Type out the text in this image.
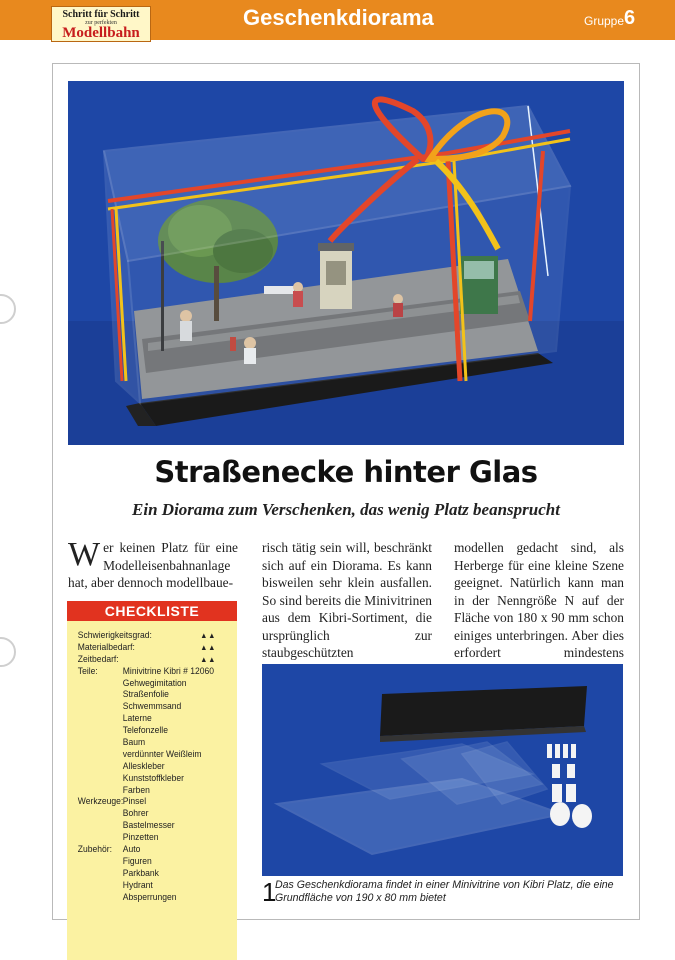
Schritt für Schritt
zur perfekten
Modellbahn
Geschenkdiorama	Gruppe 6
Straßenecke hinter Glas
Ein Diorama zum Verschenken, das wenig Platz beansprucht
Wer keinen Platz für eine Modelleisenbahnanlage hat, aber dennoch modellbaue-
risch tätig sein will, beschränkt sich auf ein Diorama. Es kann bisweilen sehr klein ausfallen. So sind bereits die Minivitrinen aus dem Kibri-Sortiment, die ursprünglich zur staubgeschützten
modellen gedacht sind, als Herberge für eine kleine Szene geeignet. Natürlich kann man in der Nenngröße N auf der Fläche von 180 x 90 mm schon einiges unterbringen. Aber dies erfordert mindestens
CHECKLISTE
Schwierigkeitsgrad:	▲▲
Materialbedarf:	▲▲
Zeitbedarf:	▲▲
Teile:	Minivitrine Kibri # 12060
Gehwegimitation
Straßenfolie
Schwemmsand
Laterne
Telefonzelle
Baum
verdünnter Weißleim
Alleskleber
Kunststoffkleber
Farben
Werkzeuge: Pinsel
Bohrer
Bastelmesser
Pinzetten
Zubehör: Auto
Figuren
Parkbank
Hydrant
Absperrungen	1
Das Geschenkdiorama findet in einer Minivitrine von Kibri Platz, die eine Grundfläche von 190 x 80 mm bietet
